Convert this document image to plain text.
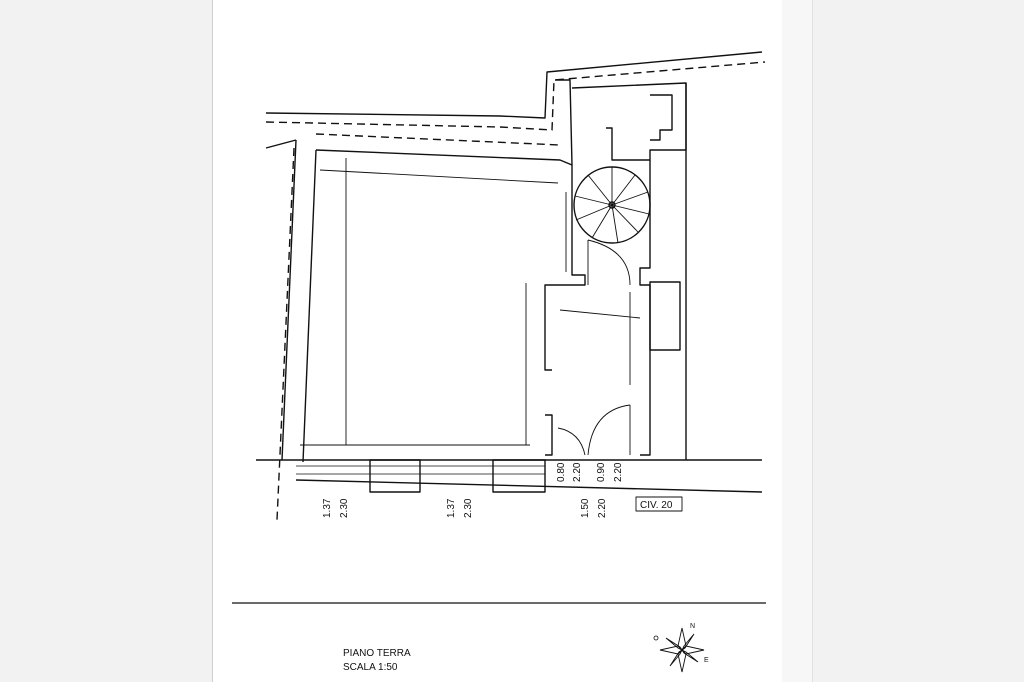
1.37 2.30	1.37 2.30	1.50 2.20
0.80 2.20 0.90 2.20
CIV. 20
PIANO TERRA
SCALA 1:50
N
E
